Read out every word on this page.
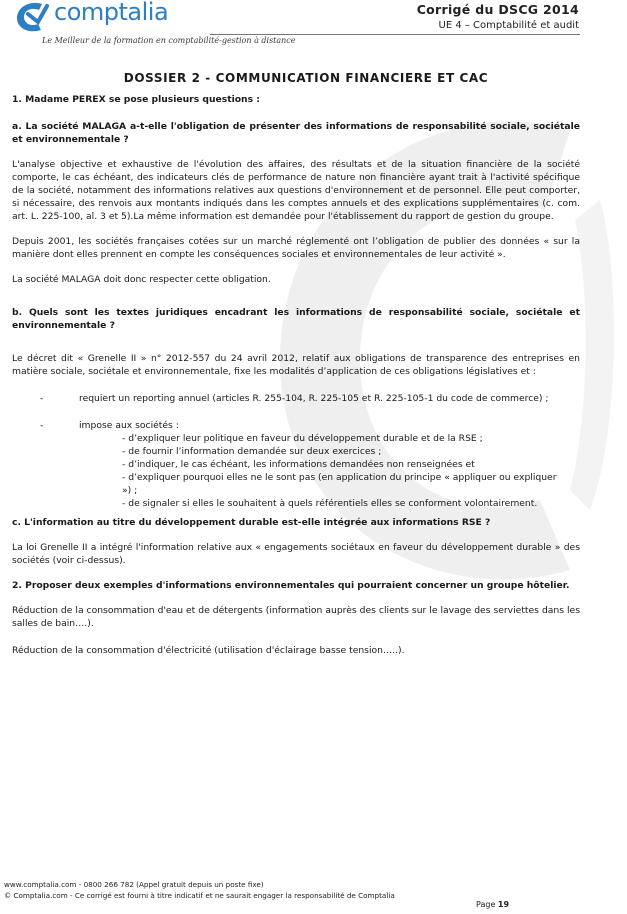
comptalia
Le Meilleur de la formation en comptabilité-gestion à distance
Corrigé du DSCG 2014
UE 4 – Comptabilité et audit

DOSSIER 2 - COMMUNICATION FINANCIERE ET CAC

1. Madame PEREX se pose plusieurs questions :

a. La société MALAGA a-t-elle l'obligation de présenter des informations de responsabilité sociale, sociétale et environnementale ?

L'analyse objective et exhaustive de l'évolution des affaires, des résultats et de la situation financière de la société comporte, le cas échéant, des indicateurs clés de performance de nature non financière ayant trait à l'activité spécifique de la société, notamment des informations relatives aux questions d'environnement et de personnel. Elle peut comporter, si nécessaire, des renvois aux montants indiqués dans les comptes annuels et des explications supplémentaires (c. com. art. L. 225-100, al. 3 et 5).La même information est demandée pour l'établissement du rapport de gestion du groupe.

Depuis 2001, les sociétés françaises cotées sur un marché réglementé ont l’obligation de publier des données « sur la manière dont elles prennent en compte les conséquences sociales et environnementales de leur activité ».

La société MALAGA doit donc respecter cette obligation.

b. Quels sont les textes juridiques encadrant les informations de responsabilité sociale, sociétale et environnementale ?

Le décret dit « Grenelle II » n° 2012-557 du 24 avril 2012, relatif aux obligations de transparence des entreprises en matière sociale, sociétale et environnementale, fixe les modalités d’application de ces obligations législatives et :

-	requiert un reporting annuel (articles R. 255-104, R. 225-105 et R. 225-105-1 du code de commerce) ;
-	impose aux sociétés :

- d’expliquer leur politique en faveur du développement durable et de la RSE ;

- de fournir l’information demandée sur deux exercices ;

- d’indiquer, le cas échéant, les informations demandées non renseignées et

- d’expliquer pourquoi elles ne le sont pas (en application du principe « appliquer ou expliquer ») ;

- de signaler si elles le souhaitent à quels référentiels elles se conforment volontairement.

c. L'information au titre du développement durable est-elle intégrée aux informations RSE ?

La loi Grenelle II a intégré l'information relative aux « engagements sociétaux en faveur du développement durable » des sociétés (voir ci-dessus).

2. Proposer deux exemples d'informations environnementales qui pourraient concerner un groupe hôtelier.

Réduction de la consommation d'eau et de détergents (information auprès des clients sur le lavage des serviettes dans les salles de bain….).

Réduction de la consommation d'électricité (utilisation d'éclairage basse tension…..).

www.comptalia.com - 0800 266 782 (Appel gratuit depuis un poste fixe)
© Comptalia.com - Ce corrigé est fourni à titre indicatif et ne saurait engager la responsabilité de Comptalia
Page 19
